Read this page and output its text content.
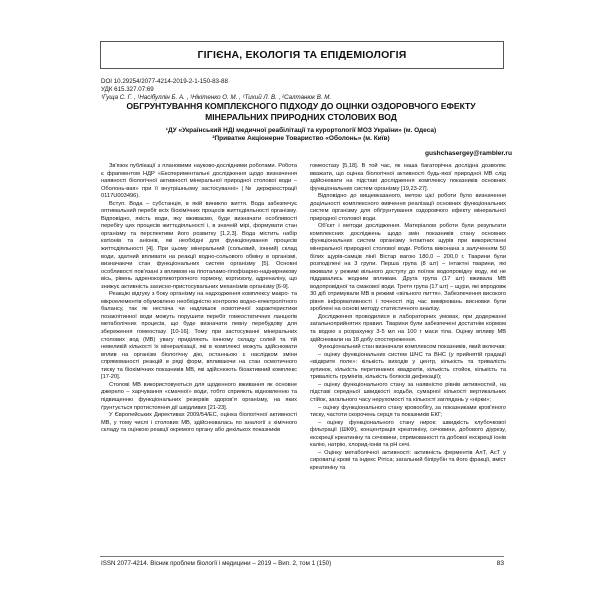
ГІГІЄНА, ЕКОЛОГІЯ ТА ЕПІДЕМІОЛОГІЯ
DOI 10.29254/2077-4214-2019-2-1-150-83-88
УДК 615.327.07:69
¹Гуща С. Г. , ¹Насібуллін Б. А. , ¹Нікітенко О. М. , ¹Тихий Л. В. , ²Салтанюк В. М.
ОБГРУНТУВАННЯ КОМПЛЕКСНОГО ПІДХОДУ ДО ОЦІНКИ ОЗДОРОВЧОГО ЕФЕКТУ МІНЕРАЛЬНИХ ПРИРОДНИХ СТОЛОВИХ ВОД
¹ДУ «Український НДІ медичної реабілітації та курортології МОЗ України» (м. Одеса)
²Приватне Акціонерне Товариство «Оболонь» (м. Київ)
gushchasergey@rambler.ru

Зв'язок публікації з плановими науково-дослідними роботами. Робота є фрагментом НДР «Експериментальні дослідження щодо визначення наявності біологічної активності мінеральної природної столової води – Оболонь-вая» при її внутрішньому застосуванні» (№ держреєстрації 0117U003496).

Вступ. Вода – субстанція, в якій виникло життя. Вода забезпечує оптимальний перебіг всіх біохімічних процесів життєдіяльності організму. Відповідно, якість води, яку вживаємо, буде визначати особливості перебігу цих процесів життєдіяльності і, в значній мірі, формувати стан організму та перспективи його розвитку [1,2,3]. Вода містить набір катіонів та аніонів, які необхідні для функціонування процесів життєдіяльності [4]. При цьому мінеральний (сольовий, іонний) склад води, здатний впливати на реакції водно-сольового обміну в організмі, визначаючи стан функціональних систем організму [5]. Основні особливості пов'язані з впливом на гіпоталамо-гіпофізарно-наднирникову вісь, рівень адренокортикотропного гормону, кортизолу, адреналіну, що знижує активність захисно-пристосувальних механізмів організму [6-9].

Реакцію відгуку з боку організму на надходження комплексу макро- та мікроелементів обумовлено необхідністю контролю водно-електролітного балансу, так як нестача чи надлишок осмотичної характеристики позаклітинної води можуть порушити перебіг гомеостатичних ланцюгів метаболічних процесів, що буде визначати певну перебудову для збереження гомеостазу [10-16]. Тому при застосуванні мінеральних столових вод (МВ) увагу приділяють іонному складу солей та тій невеликій кількості їх мінералізації, які в комплексі можуть здійснювати вплив на організм біологічну дію, останньою є наслідком зміни спрямованості реакцій в ряді форм, впливаючи на стан осмотичного тиску та біохімічних показників МВ, які здійснюють біоактивний комплекс [17-20].

Столові МВ використовуються для щоденного вживання як основне джерело – харчування «смачної» води, тобто сприяють відновленню та підвищенню функціональних резервів здоровʼя організму, на яких ґрунтується протистояння дії шкідливих [21-23].

У Європейських Директивах 2009/54/ЕС, оцінка біологічної активності МВ, у тому числі і столових МВ, здійснювалась по аналогії з хімічного складу та оцінкою реакції окремого органу або декількох показників

гомеостазу [5,18]. В той час, як наша багаторічна дослідна дозволяє вважати, що оцінка біологічної активності будь-якої природної МВ слід здійснювати на підставі дослідження комплексу показників основних функціональних систем організму [19,23-27].

Відповідно до вищевказаного, метою цієї роботи було визначення доцільності комплексного вивчення реалізації основних функціональних систем організму для обґрунтування оздоровчого ефекту мінеральної природної столової води.

Об'єкт і методи дослідження. Матеріалом роботи були результати комплексних досліджень щодо змін показників стану основних функціональних систем організму інтактних щурів при використанні мінеральної природної столової води. Робота виконана з залученням 50 білих щурів-самців лінії Вістар вагою 180,0 – 200,0 г. Тварини були розподілені на 3 групи. Перша група (8 шт) – інтактні тварини, які вживали у режимі вільного доступу до поїлок водопровідну воду, які не піддавались жодним впливам. Друга група (17 шт) вживала МВ водопровідної та смакової води. Третя група (17 шт) – щури, які впродовж 30 діб отримували МВ в режимі «вільного пиття». Забезпечення високого рівня інформативності і точності під час вимірювань висновки були зроблені на основі методу статистичного аналізу.

Дослідження проводилися в лабораторних умовах, при додержанні загальноприйнятих правил. Тварини були забезпечені достатнім кормом та водою з розрахунку 3-5 мл на 100 г маси тіла. Оцінку впливу МВ здійснювали на 18 добу спостереження.

Функціональний стан визначали комплексом показників, який включав:

– оцінку функціональних систем ШЧС та ВНС (у прийнятій градації «відкрите поле»: кількість виходів у центр, кількість та тривалість зупинок, кількість перетинаних квадратів, кількість стойок, кількість та тривалість грумінгів, кількість болюсів дефекації);

– оцінку функціонального стану за наявністю рівнів активностей, на підставі середньої швидкості ходьби, сумарної кількості вертикальних стійок, загального часу нерухомості та кількості заглядань у «нірки»;

– оцінку функціонального стану кровообігу, за показниками кров'яного тиску, частоти скорочень серця та показників ЕКГ;

– оцінку функціонального стану нирок: швидкість клубочкової фільтрації (ШКФ), концентрація креатиніну, сечовини, добового діурезу, екскреції креатиніну та сечовини, спрямованості та добової екскреції іонів калію, натрію, хлорид-іонів та рН сечі.

– Оцінку метаболічної активності: активність ферментів АлТ, АсТ у сироватці крові та індекс Рітіса; загальний білірубін та його фракції, вміст креатиніну та

ISSN 2077-4214. Вісник проблем біології і медицини – 2019 – Вип. 2, том 1 (150)	83
